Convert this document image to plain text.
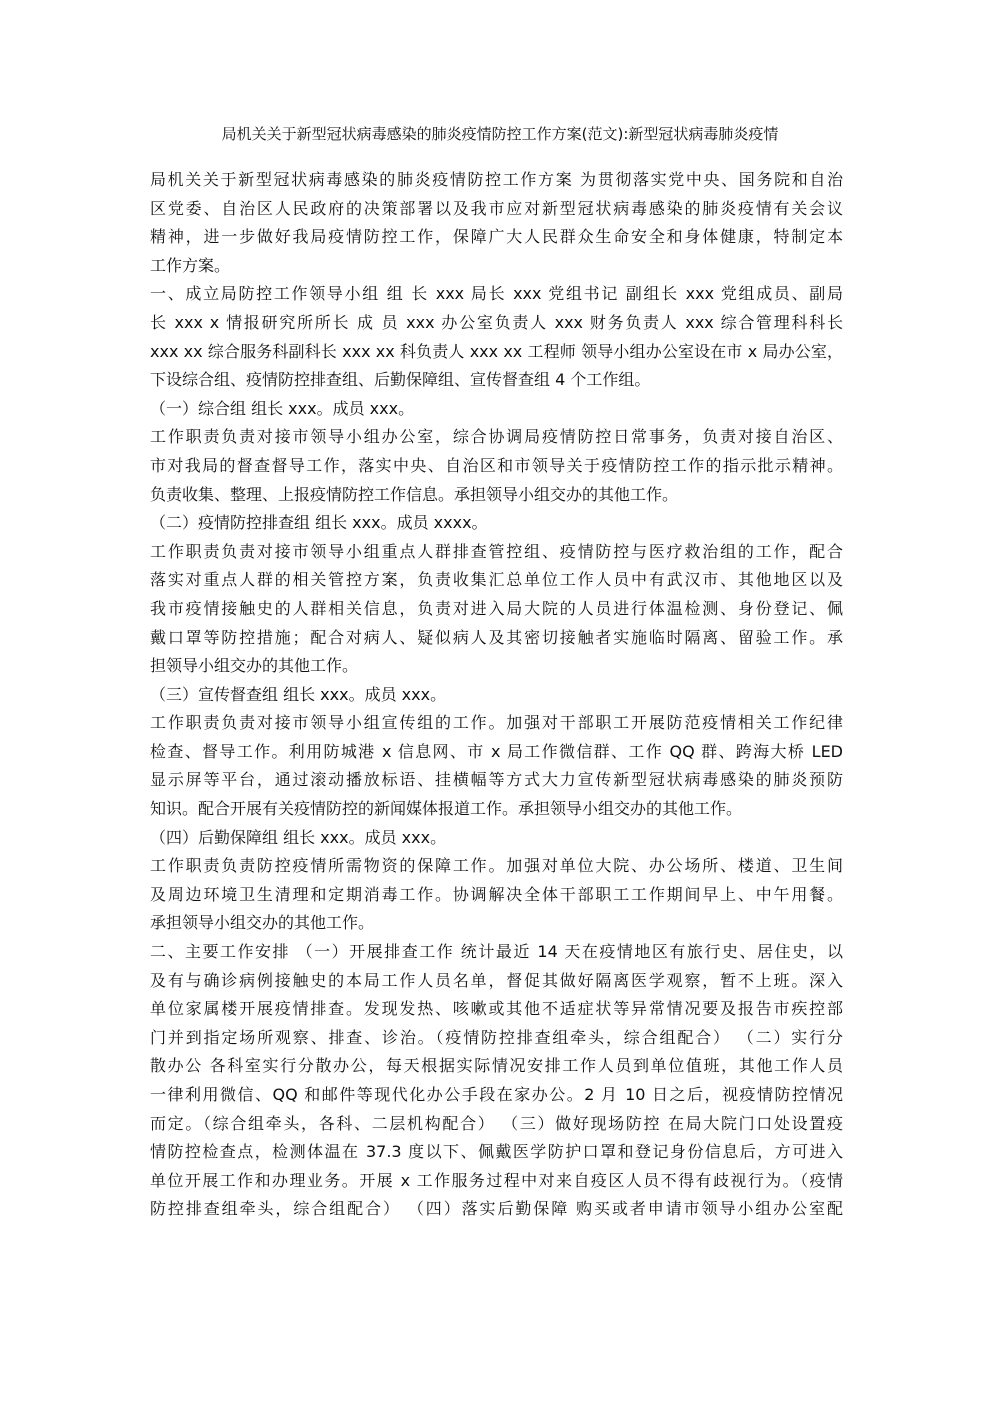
局机关关于新型冠状病毒感染的肺炎疫情防控工作方案(范文):新型冠状病毒肺炎疫情
局机关关于新型冠状病毒感染的肺炎疫情防控工作方案 为贯彻落实党中央、国务院和自治
区党委、自治区人民政府的决策部署以及我市应对新型冠状病毒感染的肺炎疫情有关会议
精神，进一步做好我局疫情防控工作，保障广大人民群众生命安全和身体健康，特制定本
工作方案。
一、成立局防控工作领导小组 组 长 xxx 局长 xxx 党组书记 副组长 xxx 党组成员、副局
长 xxx x 情报研究所所长 成 员 xxx 办公室负责人 xxx 财务负责人 xxx 综合管理科科长
xxx xx 综合服务科副科长 xxx xx 科负责人 xxx xx 工程师 领导小组办公室设在市 x 局办公室，
下设综合组、疫情防控排查组、后勤保障组、宣传督查组 4 个工作组。
（一）综合组 组长 xxx。成员 xxx。
工作职责负责对接市领导小组办公室，综合协调局疫情防控日常事务，负责对接自治区、
市对我局的督查督导工作，落实中央、自治区和市领导关于疫情防控工作的指示批示精神。
负责收集、整理、上报疫情防控工作信息。承担领导小组交办的其他工作。
（二）疫情防控排查组 组长 xxx。成员 xxxx。
工作职责负责对接市领导小组重点人群排查管控组、疫情防控与医疗救治组的工作，配合
落实对重点人群的相关管控方案，负责收集汇总单位工作人员中有武汉市、其他地区以及
我市疫情接触史的人群相关信息，负责对进入局大院的人员进行体温检测、身份登记、佩
戴口罩等防控措施；配合对病人、疑似病人及其密切接触者实施临时隔离、留验工作。承
担领导小组交办的其他工作。
（三）宣传督查组 组长 xxx。成员 xxx。
工作职责负责对接市领导小组宣传组的工作。加强对干部职工开展防范疫情相关工作纪律
检查、督导工作。利用防城港 x 信息网、市 x 局工作微信群、工作 QQ 群、跨海大桥 LED
显示屏等平台，通过滚动播放标语、挂横幅等方式大力宣传新型冠状病毒感染的肺炎预防
知识。配合开展有关疫情防控的新闻媒体报道工作。承担领导小组交办的其他工作。
（四）后勤保障组 组长 xxx。成员 xxx。
工作职责负责防控疫情所需物资的保障工作。加强对单位大院、办公场所、楼道、卫生间
及周边环境卫生清理和定期消毒工作。协调解决全体干部职工工作期间早上、中午用餐。
承担领导小组交办的其他工作。
二、主要工作安排 （一）开展排查工作 统计最近 14 天在疫情地区有旅行史、居住史，以
及有与确诊病例接触史的本局工作人员名单，督促其做好隔离医学观察，暂不上班。深入
单位家属楼开展疫情排查。发现发热、咳嗽或其他不适症状等异常情况要及报告市疾控部
门并到指定场所观察、排查、诊治。（疫情防控排查组牵头，综合组配合） （二）实行分
散办公 各科室实行分散办公，每天根据实际情况安排工作人员到单位值班，其他工作人员
一律利用微信、QQ 和邮件等现代化办公手段在家办公。2 月 10 日之后，视疫情防控情况
而定。（综合组牵头，各科、二层机构配合） （三）做好现场防控 在局大院门口处设置疫
情防控检查点，检测体温在 37.3 度以下、佩戴医学防护口罩和登记身份信息后，方可进入
单位开展工作和办理业务。开展 x 工作服务过程中对来自疫区人员不得有歧视行为。（疫情
防控排查组牵头，综合组配合） （四）落实后勤保障 购买或者申请市领导小组办公室配
